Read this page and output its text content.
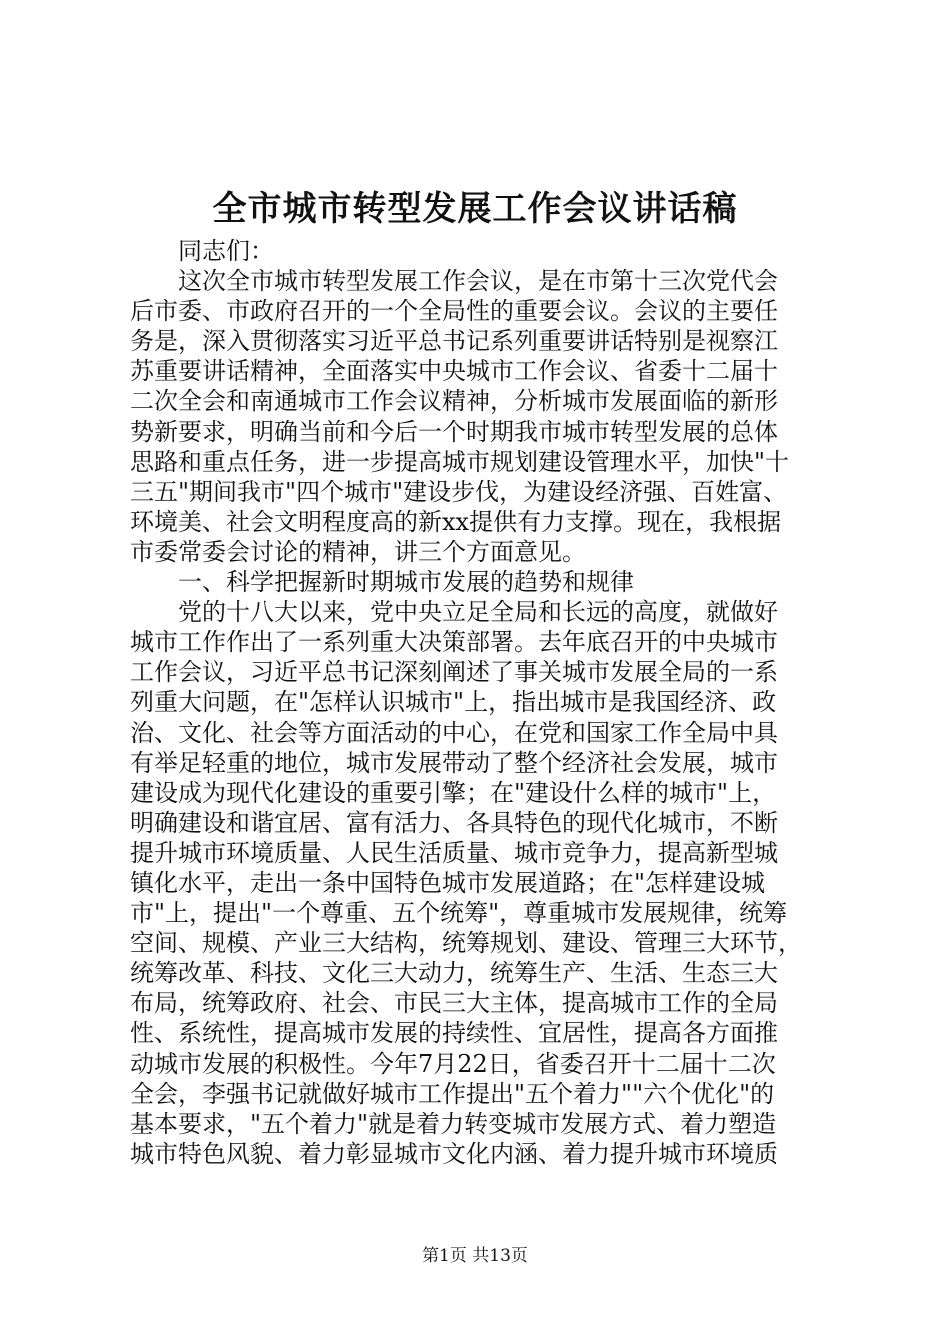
全市城市转型发展工作会议讲话稿
　　同志们：
　　这次全市城市转型发展工作会议，是在市第十三次党代会
后市委、市政府召开的一个全局性的重要会议。会议的主要任
务是，深入贯彻落实习近平总书记系列重要讲话特别是视察江
苏重要讲话精神，全面落实中央城市工作会议、省委十二届十
二次全会和南通城市工作会议精神，分析城市发展面临的新形
势新要求，明确当前和今后一个时期我市城市转型发展的总体
思路和重点任务，进一步提高城市规划建设管理水平，加快"十
三五"期间我市"四个城市"建设步伐，为建设经济强、百姓富、
环境美、社会文明程度高的新xx提供有力支撑。现在，我根据
市委常委会讨论的精神，讲三个方面意见。
　　一、科学把握新时期城市发展的趋势和规律
　　党的十八大以来，党中央立足全局和长远的高度，就做好
城市工作作出了一系列重大决策部署。去年底召开的中央城市
工作会议，习近平总书记深刻阐述了事关城市发展全局的一系
列重大问题，在"怎样认识城市"上，指出城市是我国经济、政
治、文化、社会等方面活动的中心，在党和国家工作全局中具
有举足轻重的地位，城市发展带动了整个经济社会发展，城市
建设成为现代化建设的重要引擎；在"建设什么样的城市"上，
明确建设和谐宜居、富有活力、各具特色的现代化城市，不断
提升城市环境质量、人民生活质量、城市竞争力，提高新型城
镇化水平，走出一条中国特色城市发展道路；在"怎样建设城
市"上，提出"一个尊重、五个统筹"，尊重城市发展规律，统筹
空间、规模、产业三大结构，统筹规划、建设、管理三大环节，
统筹改革、科技、文化三大动力，统筹生产、生活、生态三大
布局，统筹政府、社会、市民三大主体，提高城市工作的全局
性、系统性，提高城市发展的持续性、宜居性，提高各方面推
动城市发展的积极性。今年7月22日，省委召开十二届十二次
全会，李强书记就做好城市工作提出"五个着力""六个优化"的
基本要求，"五个着力"就是着力转变城市发展方式、着力塑造
城市特色风貌、着力彰显城市文化内涵、着力提升城市环境质
第1页 共13页
